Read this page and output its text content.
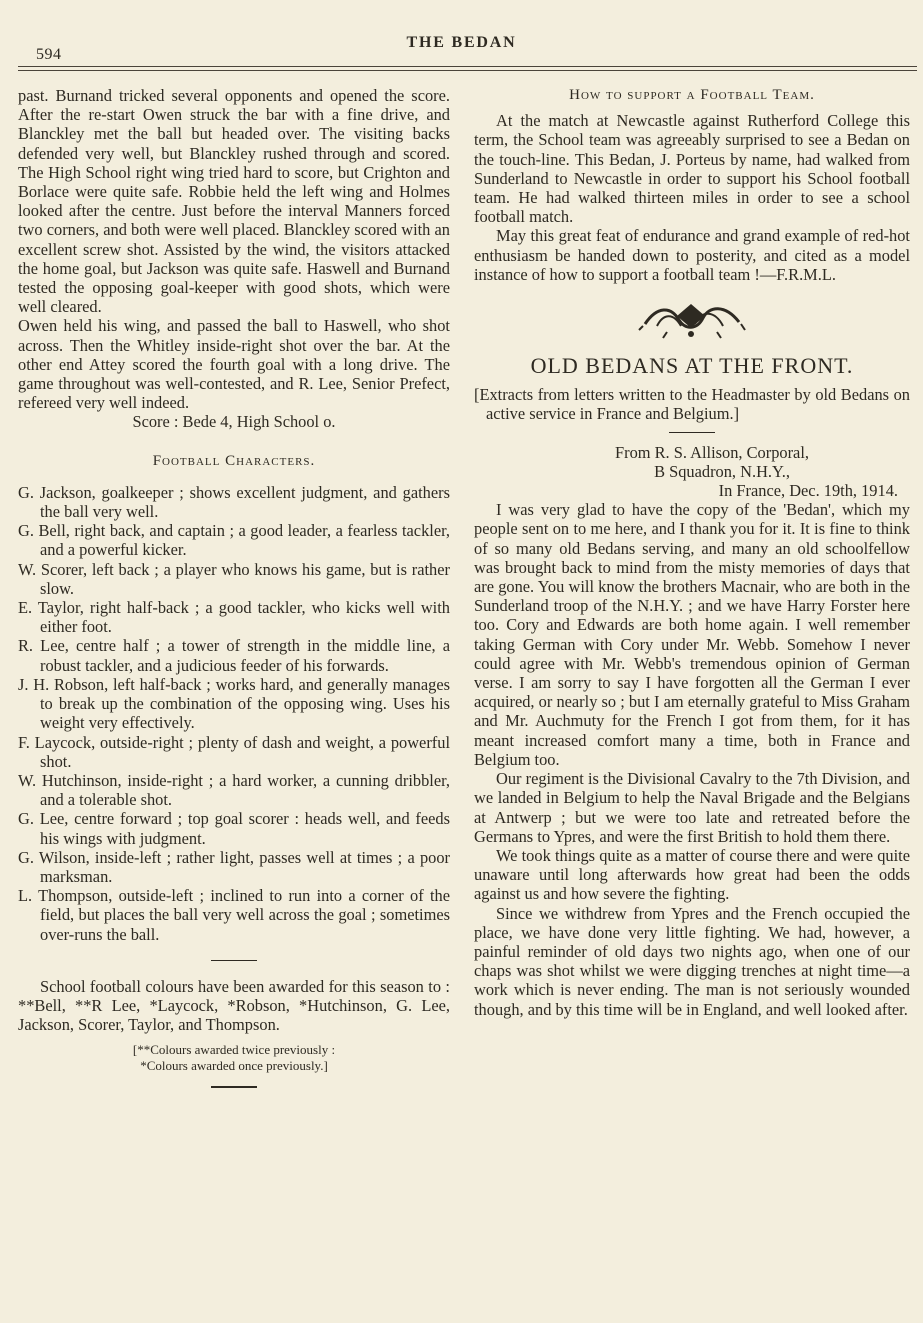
594
THE BEDAN

past. Burnand tricked several opponents and opened the score. After the re-start Owen struck the bar with a fine drive, and Blanckley met the ball but headed over. The visiting backs defended very well, but Blanckley rushed through and scored. The High School right wing tried hard to score, but Crighton and Borlace were quite safe. Robbie held the left wing and Holmes looked after the centre. Just before the interval Manners forced two corners, and both were well placed. Blanckley scored with an excellent screw shot. Assisted by the wind, the visitors attacked the home goal, but Jackson was quite safe. Haswell and Burnand tested the opposing goal-keeper with good shots, which were well cleared.

Owen held his wing, and passed the ball to Haswell, who shot across. Then the Whitley inside-right shot over the bar. At the other end Attey scored the fourth goal with a long drive. The game throughout was well-contested, and R. Lee, Senior Prefect, refereed very well indeed.

Score : Bede 4, High School o.

Football Characters.

G. Jackson, goalkeeper ; shows excellent judgment, and gathers the ball very well.

G. Bell, right back, and captain ; a good leader, a fearless tackler, and a powerful kicker.

W. Scorer, left back ; a player who knows his game, but is rather slow.

E. Taylor, right half-back ; a good tackler, who kicks well with either foot.

R. Lee, centre half ; a tower of strength in the middle line, a robust tackler, and a judicious feeder of his forwards.

J. H. Robson, left half-back ; works hard, and generally manages to break up the combination of the opposing wing. Uses his weight very effectively.

F. Laycock, outside-right ; plenty of dash and weight, a powerful shot.

W. Hutchinson, inside-right ; a hard worker, a cunning dribbler, and a tolerable shot.

G. Lee, centre forward ; top goal scorer : heads well, and feeds his wings with judgment.

G. Wilson, inside-left ; rather light, passes well at times ; a poor marksman.

L. Thompson, outside-left ; inclined to run into a corner of the field, but places the ball very well across the goal ; sometimes over-runs the ball.

School football colours have been awarded for this season to : **Bell, **R Lee, *Laycock, *Robson, *Hutchinson, G. Lee, Jackson, Scorer, Taylor, and Thompson.

[**Colours awarded twice previously :
*Colours awarded once previously.]
How to support a Football Team.

At the match at Newcastle against Rutherford College this term, the School team was agreeably surprised to see a Bedan on the touch-line. This Bedan, J. Porteus by name, had walked from Sunderland to Newcastle in order to support his School football team. He had walked thirteen miles in order to see a school football match.

May this great feat of endurance and grand example of red-hot enthusiasm be handed down to posterity, and cited as a model instance of how to support a football team !—F.R.M.L.

OLD BEDANS AT THE FRONT.

[Extracts from letters written to the Headmaster by old Bedans on active service in France and Belgium.]

From R. S. Allison, Corporal,
B Squadron, N.H.Y.,
In France, Dec. 19th, 1914.

I was very glad to have the copy of the 'Bedan', which my people sent on to me here, and I thank you for it. It is fine to think of so many old Bedans serving, and many an old schoolfellow was brought back to mind from the misty memories of days that are gone. You will know the brothers Macnair, who are both in the Sunderland troop of the N.H.Y. ; and we have Harry Forster here too. Cory and Edwards are both home again. I well remember taking German with Cory under Mr. Webb. Somehow I never could agree with Mr. Webb's tremendous opinion of German verse. I am sorry to say I have forgotten all the German I ever acquired, or nearly so ; but I am eternally grateful to Miss Graham and Mr. Auchmuty for the French I got from them, for it has meant increased comfort many a time, both in France and Belgium too.

Our regiment is the Divisional Cavalry to the 7th Division, and we landed in Belgium to help the Naval Brigade and the Belgians at Antwerp ; but we were too late and retreated before the Germans to Ypres, and were the first British to hold them there.

We took things quite as a matter of course there and were quite unaware until long afterwards how great had been the odds against us and how severe the fighting.

Since we withdrew from Ypres and the French occupied the place, we have done very little fighting. We had, however, a painful reminder of old days two nights ago, when one of our chaps was shot whilst we were digging trenches at night time—a work which is never ending. The man is not seriously wounded though, and by this time will be in England, and well looked after.
